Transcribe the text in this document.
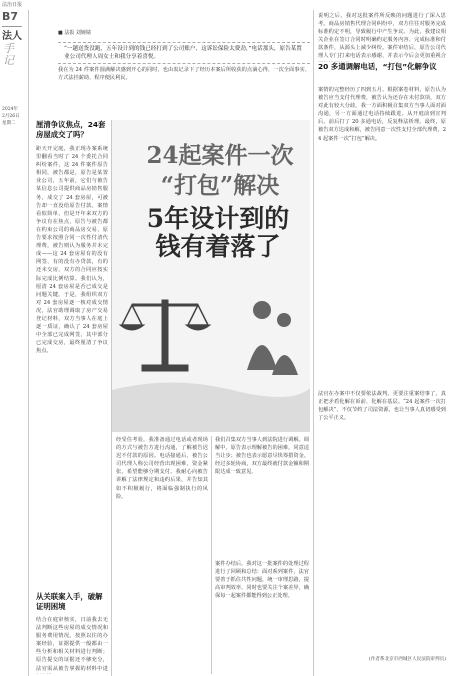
法治日报
B7
法人
手记
2024年
2月26日
星期二
■ 法报 刘婉婧
“一趟送货没跑，五年设计到的钱已经打到了公司账户，这诉讼保险太费劲，”电话那头，原告某置业公司代理人周女士和我分享着喜悦。
我在为 24 件案件圆满解决感到开心的同时，也由衷记录下了经历本案后所收获的点滴心得，一次全面事实、方式法挂薪助、程序便民利民。
厘清争议焦点，24套房屋成交了吗？
距天开完庭，我正现办案系统里翻看当时了 24 个委托合同纠纷案件，这 24 件案件原告相同，被告都是，原告是某置业公司，五年前，它们与被告某信息公司提供商品房销售服务，成交了 24 套房屋，可被告却一直没给原告付款。案情看似简单，但是开年来双方的争议有在焦点，原告与被告都在约束公司的商品房交易，原告要求按照合同一次性付清代理费，被告则认为服务并未完成——这 24 套房屋有的没有网签、有的没有办贷款，有的还未交房，双方的合同应按实际完成比例结算。我们认为，厘清 24 套房屋是否已成交是问题关键。于是，我组织双方对 24 套房屋逐一核对成交情况，法官助理调取了房产交易登记材料，双方当事人在庭上逐一质证，确认了 24 套房屋中全部已完成网签，其中部分已完成交房，最终厘清了争议焦点。
从关联案入手，破解证明困境
结合在庭审核实，日前我去无法判断这些房屋的成交情况和服务费用情况。按照以往的办案经验，证据提供一般都由一些分析和相关材料进行判断；原告提交的证据还不够充分，法官需从被告掌握的材料中进
24起案件一次
“打包”解决
5年设计到的
钱有着落了
经受住考验，我准备通过电话或者现场的方式与被告方进行沟通，了解被告迟迟不付款的原因。电话接通后，被告公司代理人称公司经营出现困难，资金紧张，希望能够分期支付。我耐心向被告讲解了法律规定和违约后果，并告知其如不积极履行，将面临强制执行的风险。
我们召集双方当事人到法院进行调解。调解中，原告表示理解被告的困难，同意适当让步；被告也表示愿意尽快筹措资金。经过多轮协商，双方最终就付款金额和期限达成一致意见。
案件办结后，我对这一批案件的处理过程进行了回顾和总结：面对系列案件，法官要善于抓住共性问题，统一审理思路，提高审判效率，同时也要关注个案差异，确保每一起案件都能得到公正处理。
说明之后，我对这批案件所反映的问题进行了深入思考。商品房销售代理合同纠纷中，双方往往对服务完成标准约定不明，导致履行中产生争议。为此，我建议相关企业在签订合同时明确约定服务内容、完成标准和付款条件，从源头上减少纠纷。案件审结后，原告公司代理人专门打来电话表示感谢，并表示今后会更加重视合
20 多通调解电话，“打包”化解争议
案情的完整经历了四到五月。根据案卷材料，原告认为被告应当支付代理费，被告认为还存在未付款项，双方对此有较大分歧。我一方面积极召集双方当事人面对面沟通，另一方面通过电话持续跟进。从开庭前到宣判后，前后打了 20 多通电话，反复释法析理。最终，原被告双方达成和解，被告同意一次性支付全部代理费，24 起案件一次“打包”解决。
法官在办案中不仅要依法裁判，更要注重案结事了，真正把矛盾化解在诉前、化解在基层。“24 起案件一次打包解决”，不仅节约了司法资源，也让当事人真切感受到了公平正义。
(作者系北京市西城区人民法院审判员)
